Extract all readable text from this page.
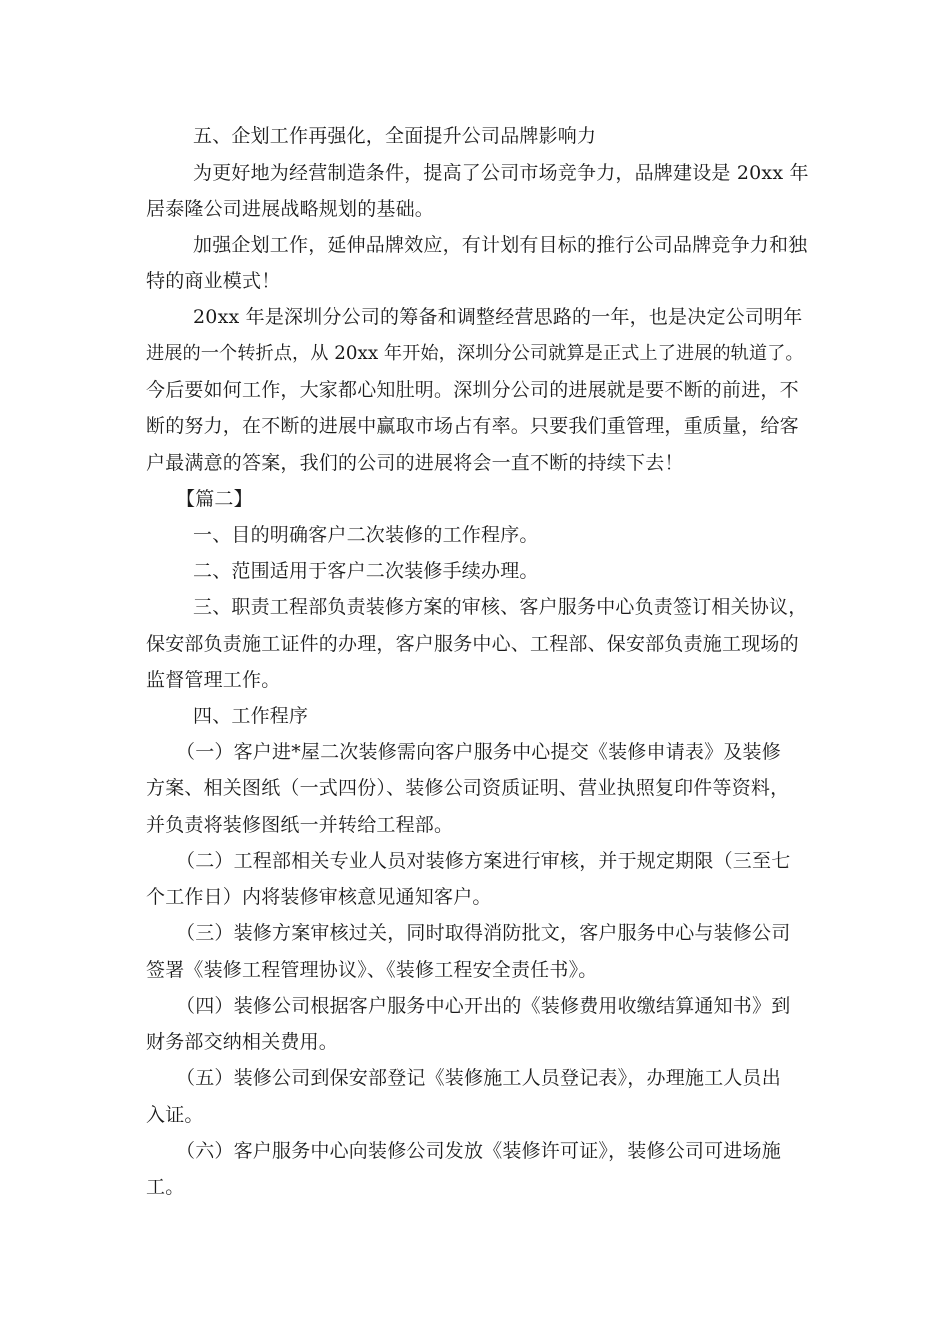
五、企划工作再强化，全面提升公司品牌影响力
为更好地为经营制造条件，提高了公司市场竞争力，品牌建设是 20xx 年
居泰隆公司进展战略规划的基础。
加强企划工作，延伸品牌效应，有计划有目标的推行公司品牌竞争力和独
特的商业模式！
20xx 年是深圳分公司的筹备和调整经营思路的一年，也是决定公司明年
进展的一个转折点，从 20xx 年开始，深圳分公司就算是正式上了进展的轨道了。
今后要如何工作，大家都心知肚明。深圳分公司的进展就是要不断的前进，不
断的努力，在不断的进展中赢取市场占有率。只要我们重管理，重质量，给客
户最满意的答案，我们的公司的进展将会一直不断的持续下去！
【篇二】
一、目的明确客户二次装修的工作程序。
二、范围适用于客户二次装修手续办理。
三、职责工程部负责装修方案的审核、客户服务中心负责签订相关协议，
保安部负责施工证件的办理，客户服务中心、工程部、保安部负责施工现场的
监督管理工作。
四、工作程序
（一）客户进*屋二次装修需向客户服务中心提交《装修申请表》及装修
方案、相关图纸（一式四份）、装修公司资质证明、营业执照复印件等资料，
并负责将装修图纸一并转给工程部。
（二）工程部相关专业人员对装修方案进行审核，并于规定期限（三至七
个工作日）内将装修审核意见通知客户。
（三）装修方案审核过关，同时取得消防批文，客户服务中心与装修公司
签署《装修工程管理协议》、《装修工程安全责任书》。
（四）装修公司根据客户服务中心开出的《装修费用收缴结算通知书》到
财务部交纳相关费用。
（五）装修公司到保安部登记《装修施工人员登记表》，办理施工人员出
入证。
（六）客户服务中心向装修公司发放《装修许可证》，装修公司可进场施
工。
